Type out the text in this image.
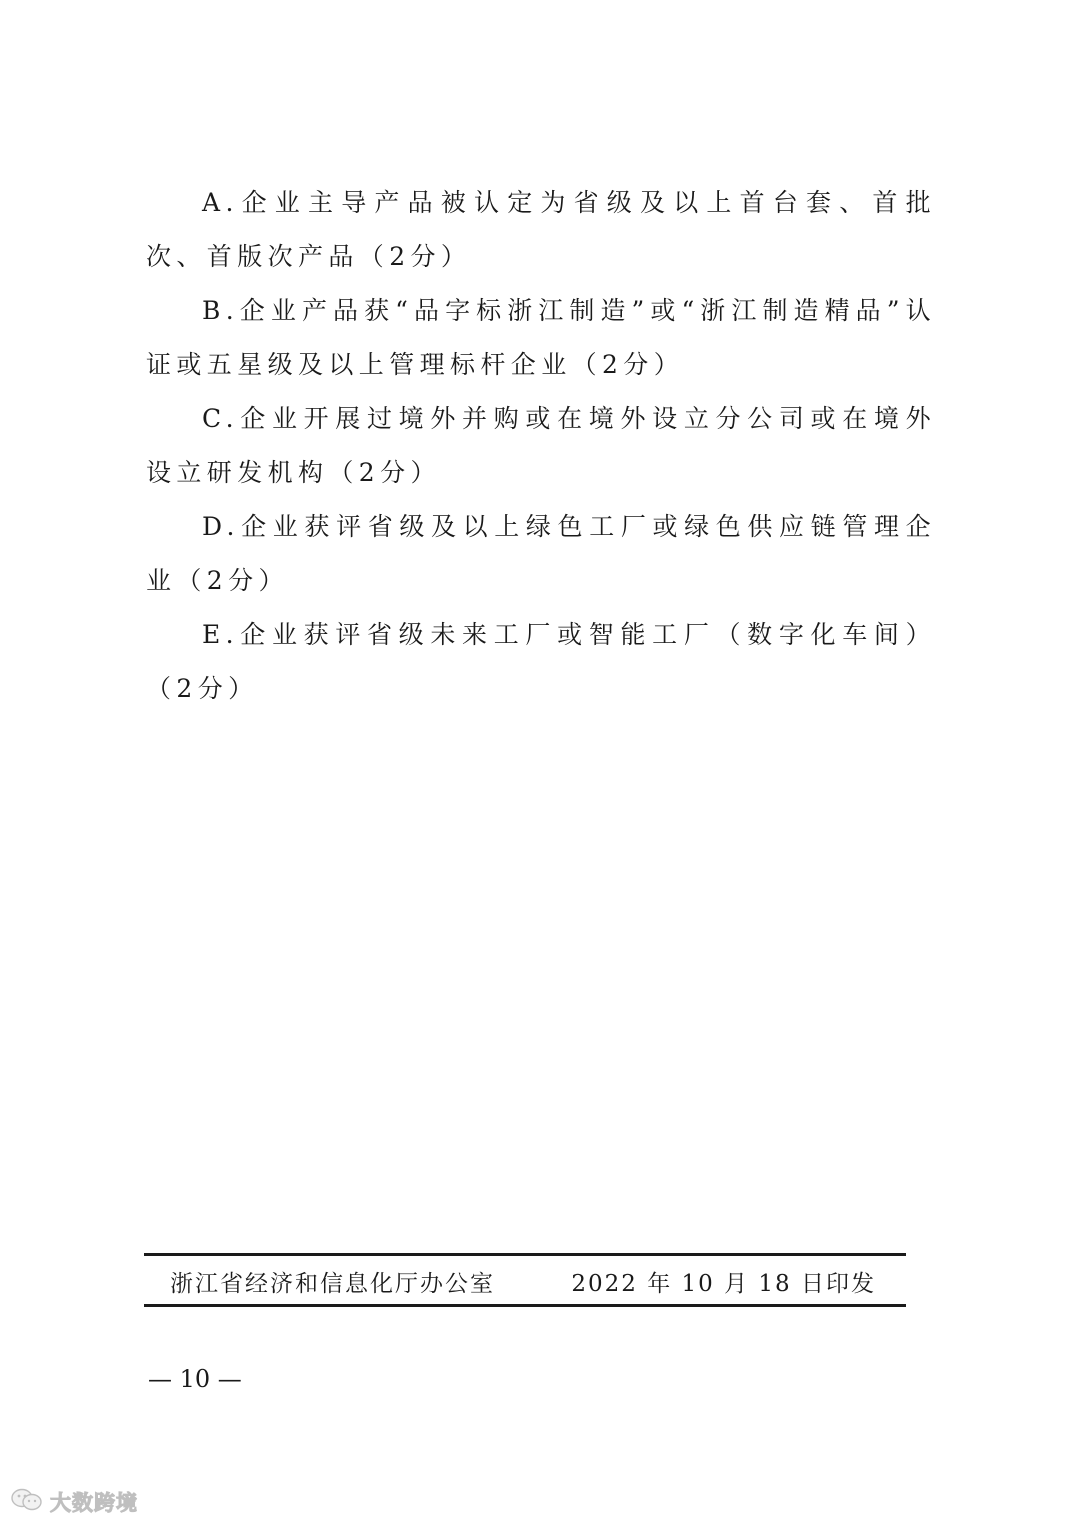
A.企业主导产品被认定为省级及以上首台套、首批次、首版次产品（2分）

B.企业产品获“品字标浙江制造”或“浙江制造精品”认证或五星级及以上管理标杆企业（2分）

C.企业开展过境外并购或在境外设立分公司或在境外设立研发机构（2分）

D.企业获评省级及以上绿色工厂或绿色供应链管理企业（2分）

E.企业获评省级未来工厂或智能工厂（数字化车间）（2分）

浙江省经济和信息化厅办公室	2022 年 10 月 18 日印发
— 10 —
大数跨境
